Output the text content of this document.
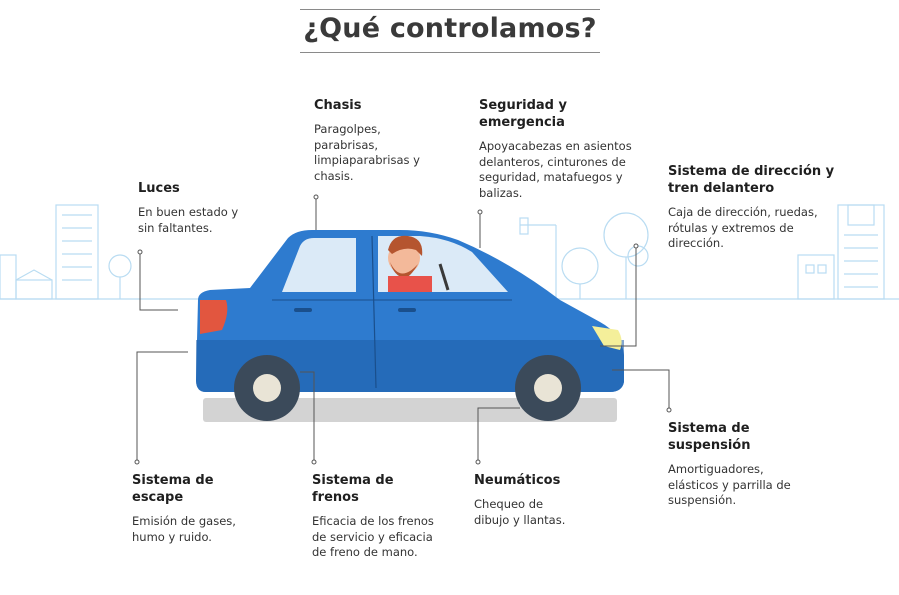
¿Qué controlamos?
Chasis

Paragolpes, parabrisas, limpiaparabrisas y chasis.

Seguridad y emergencia

Apoyacabezas en asientos delanteros, cinturones de seguridad, matafuegos y balizas.

Luces

En buen estado y sin faltantes.

Sistema de dirección y tren delantero

Caja de dirección, ruedas, rótulas y extremos de dirección.

Sistema de escape

Emisión de gases, humo y ruido.

Sistema de frenos

Eficacia de los frenos de servicio y eficacia de freno de mano.

Neumáticos

Chequeo de dibujo y llantas.

Sistema de suspensión

Amortiguadores, elásticos y parrilla de suspensión.
